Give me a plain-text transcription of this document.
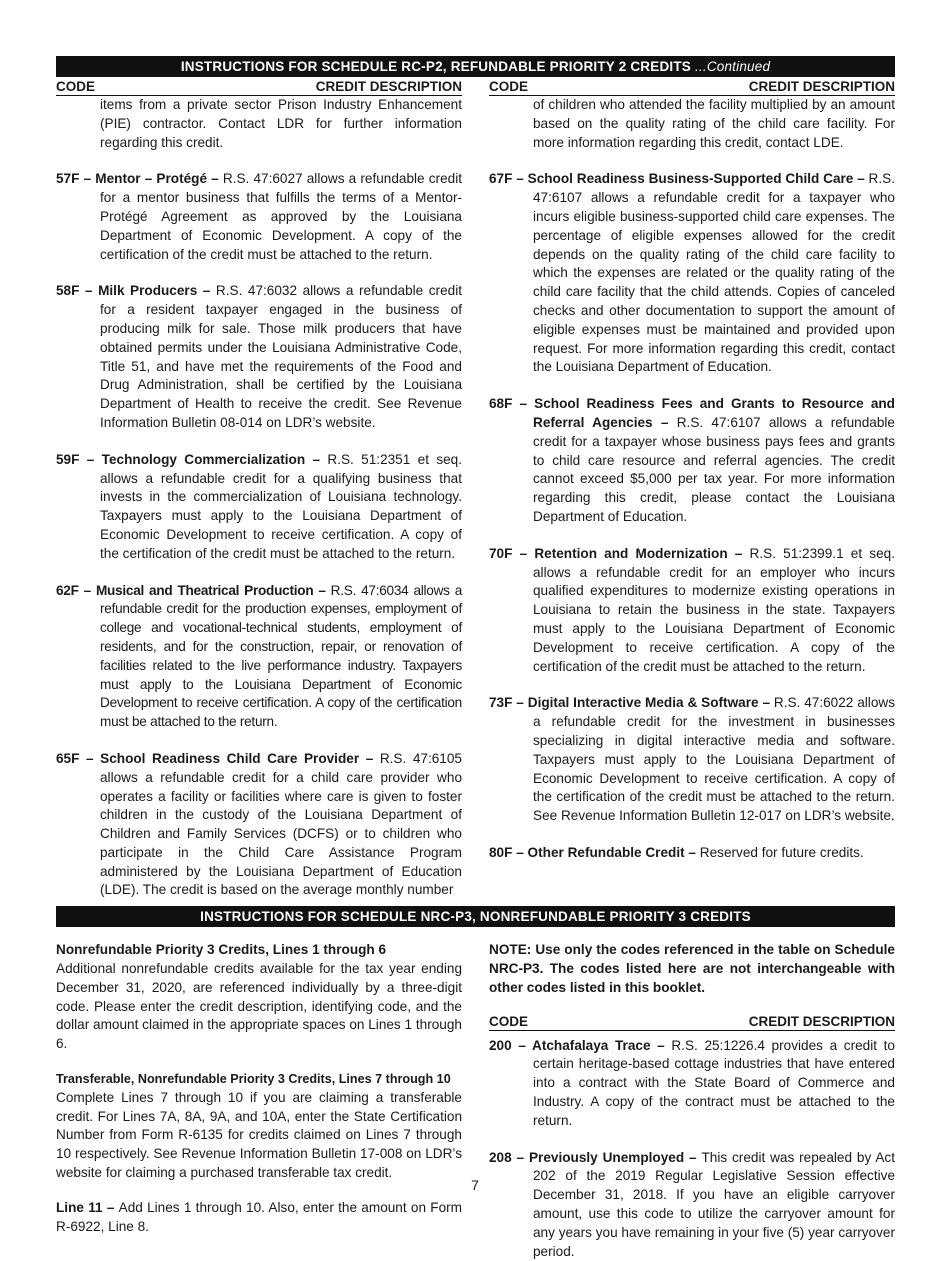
INSTRUCTIONS FOR SCHEDULE RC-P2, REFUNDABLE PRIORITY 2 CREDITS ...Continued
CODE	CREDIT DESCRIPTION
items from a private sector Prison Industry Enhancement (PIE) contractor. Contact LDR for further information regarding this credit.
57F – Mentor – Protégé – R.S. 47:6027 allows a refundable credit for a mentor business that fulfills the terms of a Mentor-Protégé Agreement as approved by the Louisiana Department of Economic Development. A copy of the certification of the credit must be attached to the return.
58F – Milk Producers – R.S. 47:6032 allows a refundable credit for a resident taxpayer engaged in the business of producing milk for sale. Those milk producers that have obtained permits under the Louisiana Administrative Code, Title 51, and have met the requirements of the Food and Drug Administration, shall be certified by the Louisiana Department of Health to receive the credit. See Revenue Information Bulletin 08-014 on LDR’s website.
59F – Technology Commercialization – R.S. 51:2351 et seq. allows a refundable credit for a qualifying business that invests in the commercialization of Louisiana technology. Taxpayers must apply to the Louisiana Department of Economic Development to receive certification. A copy of the certification of the credit must be attached to the return.
62F – Musical and Theatrical Production – R.S. 47:6034 allows a refundable credit for the production expenses, employment of college and vocational-technical students, employment of residents, and for the construction, repair, or renovation of facilities related to the live performance industry. Taxpayers must apply to the Louisiana Department of Economic Development to receive certification. A copy of the certification must be attached to the return.
65F – School Readiness Child Care Provider – R.S. 47:6105 allows a refundable credit for a child care provider who operates a facility or facilities where care is given to foster children in the custody of the Louisiana Department of Children and Family Services (DCFS) or to children who participate in the Child Care Assistance Program administered by the Louisiana Department of Education (LDE). The credit is based on the average monthly number
CODE	CREDIT DESCRIPTION
of children who attended the facility multiplied by an amount based on the quality rating of the child care facility. For more information regarding this credit, contact LDE.
67F – School Readiness Business-Supported Child Care – R.S. 47:6107 allows a refundable credit for a taxpayer who incurs eligible business-supported child care expenses. The percentage of eligible expenses allowed for the credit depends on the quality rating of the child care facility to which the expenses are related or the quality rating of the child care facility that the child attends. Copies of canceled checks and other documentation to support the amount of eligible expenses must be maintained and provided upon request. For more information regarding this credit, contact the Louisiana Department of Education.
68F – School Readiness Fees and Grants to Resource and Referral Agencies – R.S. 47:6107 allows a refundable credit for a taxpayer whose business pays fees and grants to child care resource and referral agencies. The credit cannot exceed $5,000 per tax year. For more information regarding this credit, please contact the Louisiana Department of Education.
70F – Retention and Modernization – R.S. 51:2399.1 et seq. allows a refundable credit for an employer who incurs qualified expenditures to modernize existing operations in Louisiana to retain the business in the state. Taxpayers must apply to the Louisiana Department of Economic Development to receive certification. A copy of the certification of the credit must be attached to the return.
73F – Digital Interactive Media & Software – R.S. 47:6022 allows a refundable credit for the investment in businesses specializing in digital interactive media and software. Taxpayers must apply to the Louisiana Department of Economic Development to receive certification. A copy of the certification of the credit must be attached to the return. See Revenue Information Bulletin 12-017 on LDR’s website.
80F – Other Refundable Credit – Reserved for future credits.
INSTRUCTIONS FOR SCHEDULE NRC-P3, NONREFUNDABLE PRIORITY 3 CREDITS
Nonrefundable Priority 3 Credits, Lines 1 through 6
Additional nonrefundable credits available for the tax year ending December 31, 2020, are referenced individually by a three-digit code. Please enter the credit description, identifying code, and the dollar amount claimed in the appropriate spaces on Lines 1 through 6.
Transferable, Nonrefundable Priority 3 Credits, Lines 7 through 10
Complete Lines 7 through 10 if you are claiming a transferable credit. For Lines 7A, 8A, 9A, and 10A, enter the State Certification Number from Form R-6135 for credits claimed on Lines 7 through 10 respectively. See Revenue Information Bulletin 17-008 on LDR’s website for claiming a purchased transferable tax credit.
Line 11 – Add Lines 1 through 10. Also, enter the amount on Form R-6922, Line 8.
NOTE: Use only the codes referenced in the table on Schedule NRC-P3. The codes listed here are not interchangeable with other codes listed in this booklet.
CODE	CREDIT DESCRIPTION
200 – Atchafalaya Trace – R.S. 25:1226.4 provides a credit to certain heritage-based cottage industries that have entered into a contract with the State Board of Commerce and Industry. A copy of the contract must be attached to the return.
208 – Previously Unemployed – This credit was repealed by Act 202 of the 2019 Regular Legislative Session effective December 31, 2018. If you have an eligible carryover amount, use this code to utilize the carryover amount for any years you have remaining in your five (5) year carryover period.
7
